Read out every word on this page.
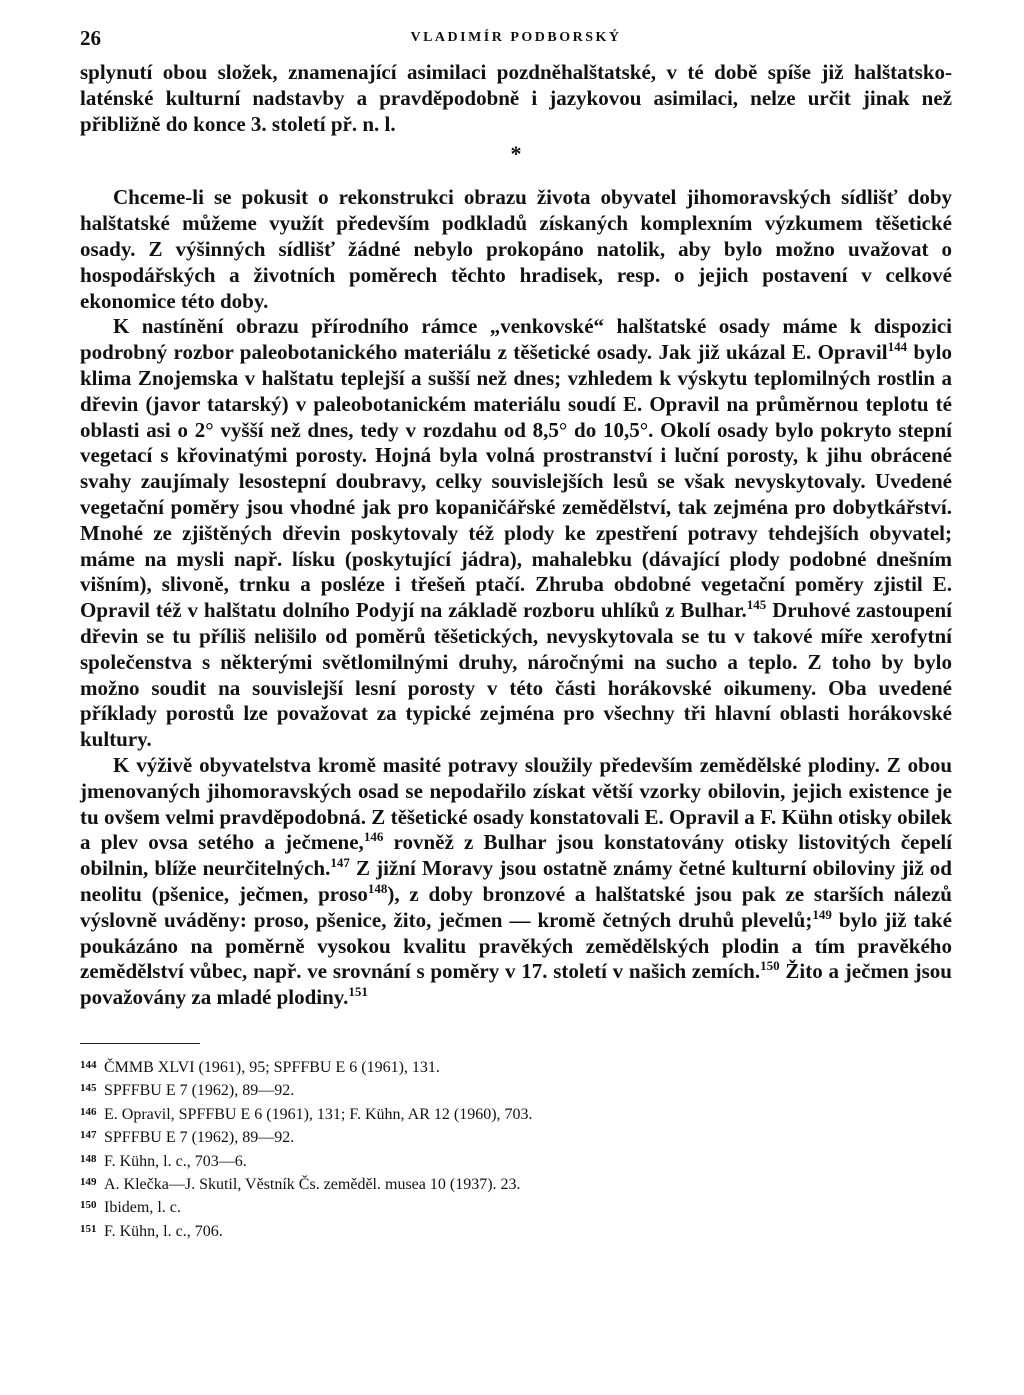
26	VLADIMÍR PODBORSKÝ

splynutí obou složek, znamenající asimilaci pozdněhalštatské, v té době spíše již halštatsko-laténské kulturní nadstavby a pravděpodobně i jazykovou asimilaci, nelze určit jinak než přibližně do konce 3. století př. n. l.

*

Chceme-li se pokusit o rekonstrukci obrazu života obyvatel jihomoravských sídlišť doby halštatské můžeme využít především podkladů získaných komplexním výzkumem těšetické osady. Z výšinných sídlišť žádné nebylo prokopáno natolik, aby bylo možno uvažovat o hospodářských a životních poměrech těchto hradisek, resp. o jejich postavení v celkové ekonomice této doby.

K nastínění obrazu přírodního rámce „venkovské“ halštatské osady máme k dispozici podrobný rozbor paleobotanického materiálu z těšetické osady. Jak již ukázal E. Opravil$^{144}$ bylo klima Znojemska v halštatu teplejší a sušší než dnes; vzhledem k výskytu teplomilných rostlin a dřevin (javor tatarský) v paleobotanickém materiálu soudí E. Opravil na průměrnou teplotu té oblasti asi o 2° vyšší než dnes, tedy v rozdahu od 8,5° do 10,5°. Okolí osady bylo pokryto stepní vegetací s křovinatými porosty. Hojná byla volná prostranství i luční porosty, k jihu obrácené svahy zaujímaly lesostepní doubravy, celky souvislejších lesů se však nevyskytovaly. Uvedené vegetační poměry jsou vhodné jak pro kopaničářské zemědělství, tak zejména pro dobytkářství. Mnohé ze zjištěných dřevin poskytovaly též plody ke zpestření potravy tehdejších obyvatel; máme na mysli např. lísku (poskytující jádra), mahalebku (dávající plody podobné dnešním višním), slivoně, trnku a posléze i třešeň ptačí. Zhruba obdobné vegetační poměry zjistil E. Opravil též v halštatu dolního Podyjí na základě rozboru uhlíků z Bulhar.$^{145}$ Druhové zastoupení dřevin se tu příliš nelišilo od poměrů těšetických, nevyskytovala se tu v takové míře xerofytní společenstva s některými světlomilnými druhy, náročnými na sucho a teplo. Z toho by bylo možno soudit na souvislejší lesní porosty v této části horákovské oikumeny. Oba uvedené příklady porostů lze považovat za typické zejména pro všechny tři hlavní oblasti horákovské kultury.

K výživě obyvatelstva kromě masité potravy sloužily především zemědělské plodiny. Z obou jmenovaných jihomoravských osad se nepodařilo získat větší vzorky obilovin, jejich existence je tu ovšem velmi pravděpodobná. Z těšetické osady konstatovali E. Opravil a F. Kühn otisky obilek a plev ovsa setého a ječmene,$^{146}$ rovněž z Bulhar jsou konstatovány otisky listovitých čepelí obilnin, blíže neurčitelných.$^{147}$ Z jižní Moravy jsou ostatně známy četné kulturní obiloviny již od neolitu (pšenice, ječmen, proso$^{148}$), z doby bronzové a halštatské jsou pak ze starších nálezů výslovně uváděny: proso, pšenice, žito, ječmen — kromě četných druhů plevelů;$^{149}$ bylo již také poukázáno na poměrně vysokou kvalitu pravěkých zemědělských plodin a tím pravěkého zemědělství vůbec, např. ve srovnání s poměry v 17. století v našich zemích.$^{150}$ Žito a ječmen jsou považovány za mladé plodiny.$^{151}$

144 ČMMB XLVI (1961), 95; SPFFBU E 6 (1961), 131.
145 SPFFBU E 7 (1962), 89—92.
146 E. Opravil, SPFFBU E 6 (1961), 131; F. Kühn, AR 12 (1960), 703.
147 SPFFBU E 7 (1962), 89—92.
148 F. Kühn, l. c., 703—6.
149 A. Klečka—J. Skutil, Věstník Čs. zeměděl. musea 10 (1937). 23.
150 Ibidem, l. c.
151 F. Kühn, l. c., 706.
